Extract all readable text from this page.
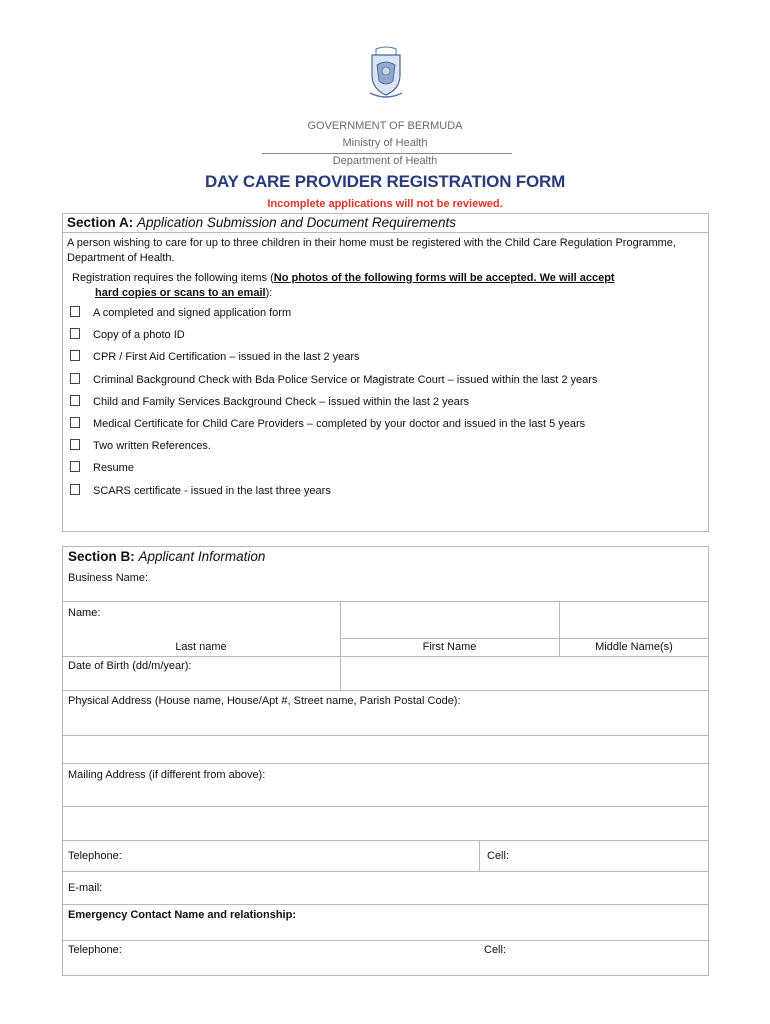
GOVERNMENT OF BERMUDA
Ministry of Health
Department of Health
DAY CARE PROVIDER REGISTRATION FORM
Incomplete applications will not be reviewed.
Section A: Application Submission and Document Requirements
A person wishing to care for up to three children in their home must be registered with the Child Care Regulation Programme, Department of Health.
Registration requires the following items (No photos of the following forms will be accepted. We will accept
hard copies or scans to an email):
A completed and signed application form
Copy of a photo ID
CPR / First Aid Certification – issued in the last 2 years
Criminal Background Check with Bda Police Service or Magistrate Court – issued within the last 2 years
Child and Family Services Background Check – issued within the last 2 years
Medical Certificate for Child Care Providers – completed by your doctor and issued in the last 5 years
Two written References.
Resume
SCARS certificate - issued in the last three years
Section B: Applicant Information
Business Name:
Name:
Last name	First Name	Middle Name(s)
Date of Birth (dd/m/year):
Physical Address (House name, House/Apt #, Street name, Parish Postal Code):
Mailing Address (if different from above):
Telephone:	Cell:
E-mail:
Emergency Contact Name and relationship:
Telephone:	Cell:
